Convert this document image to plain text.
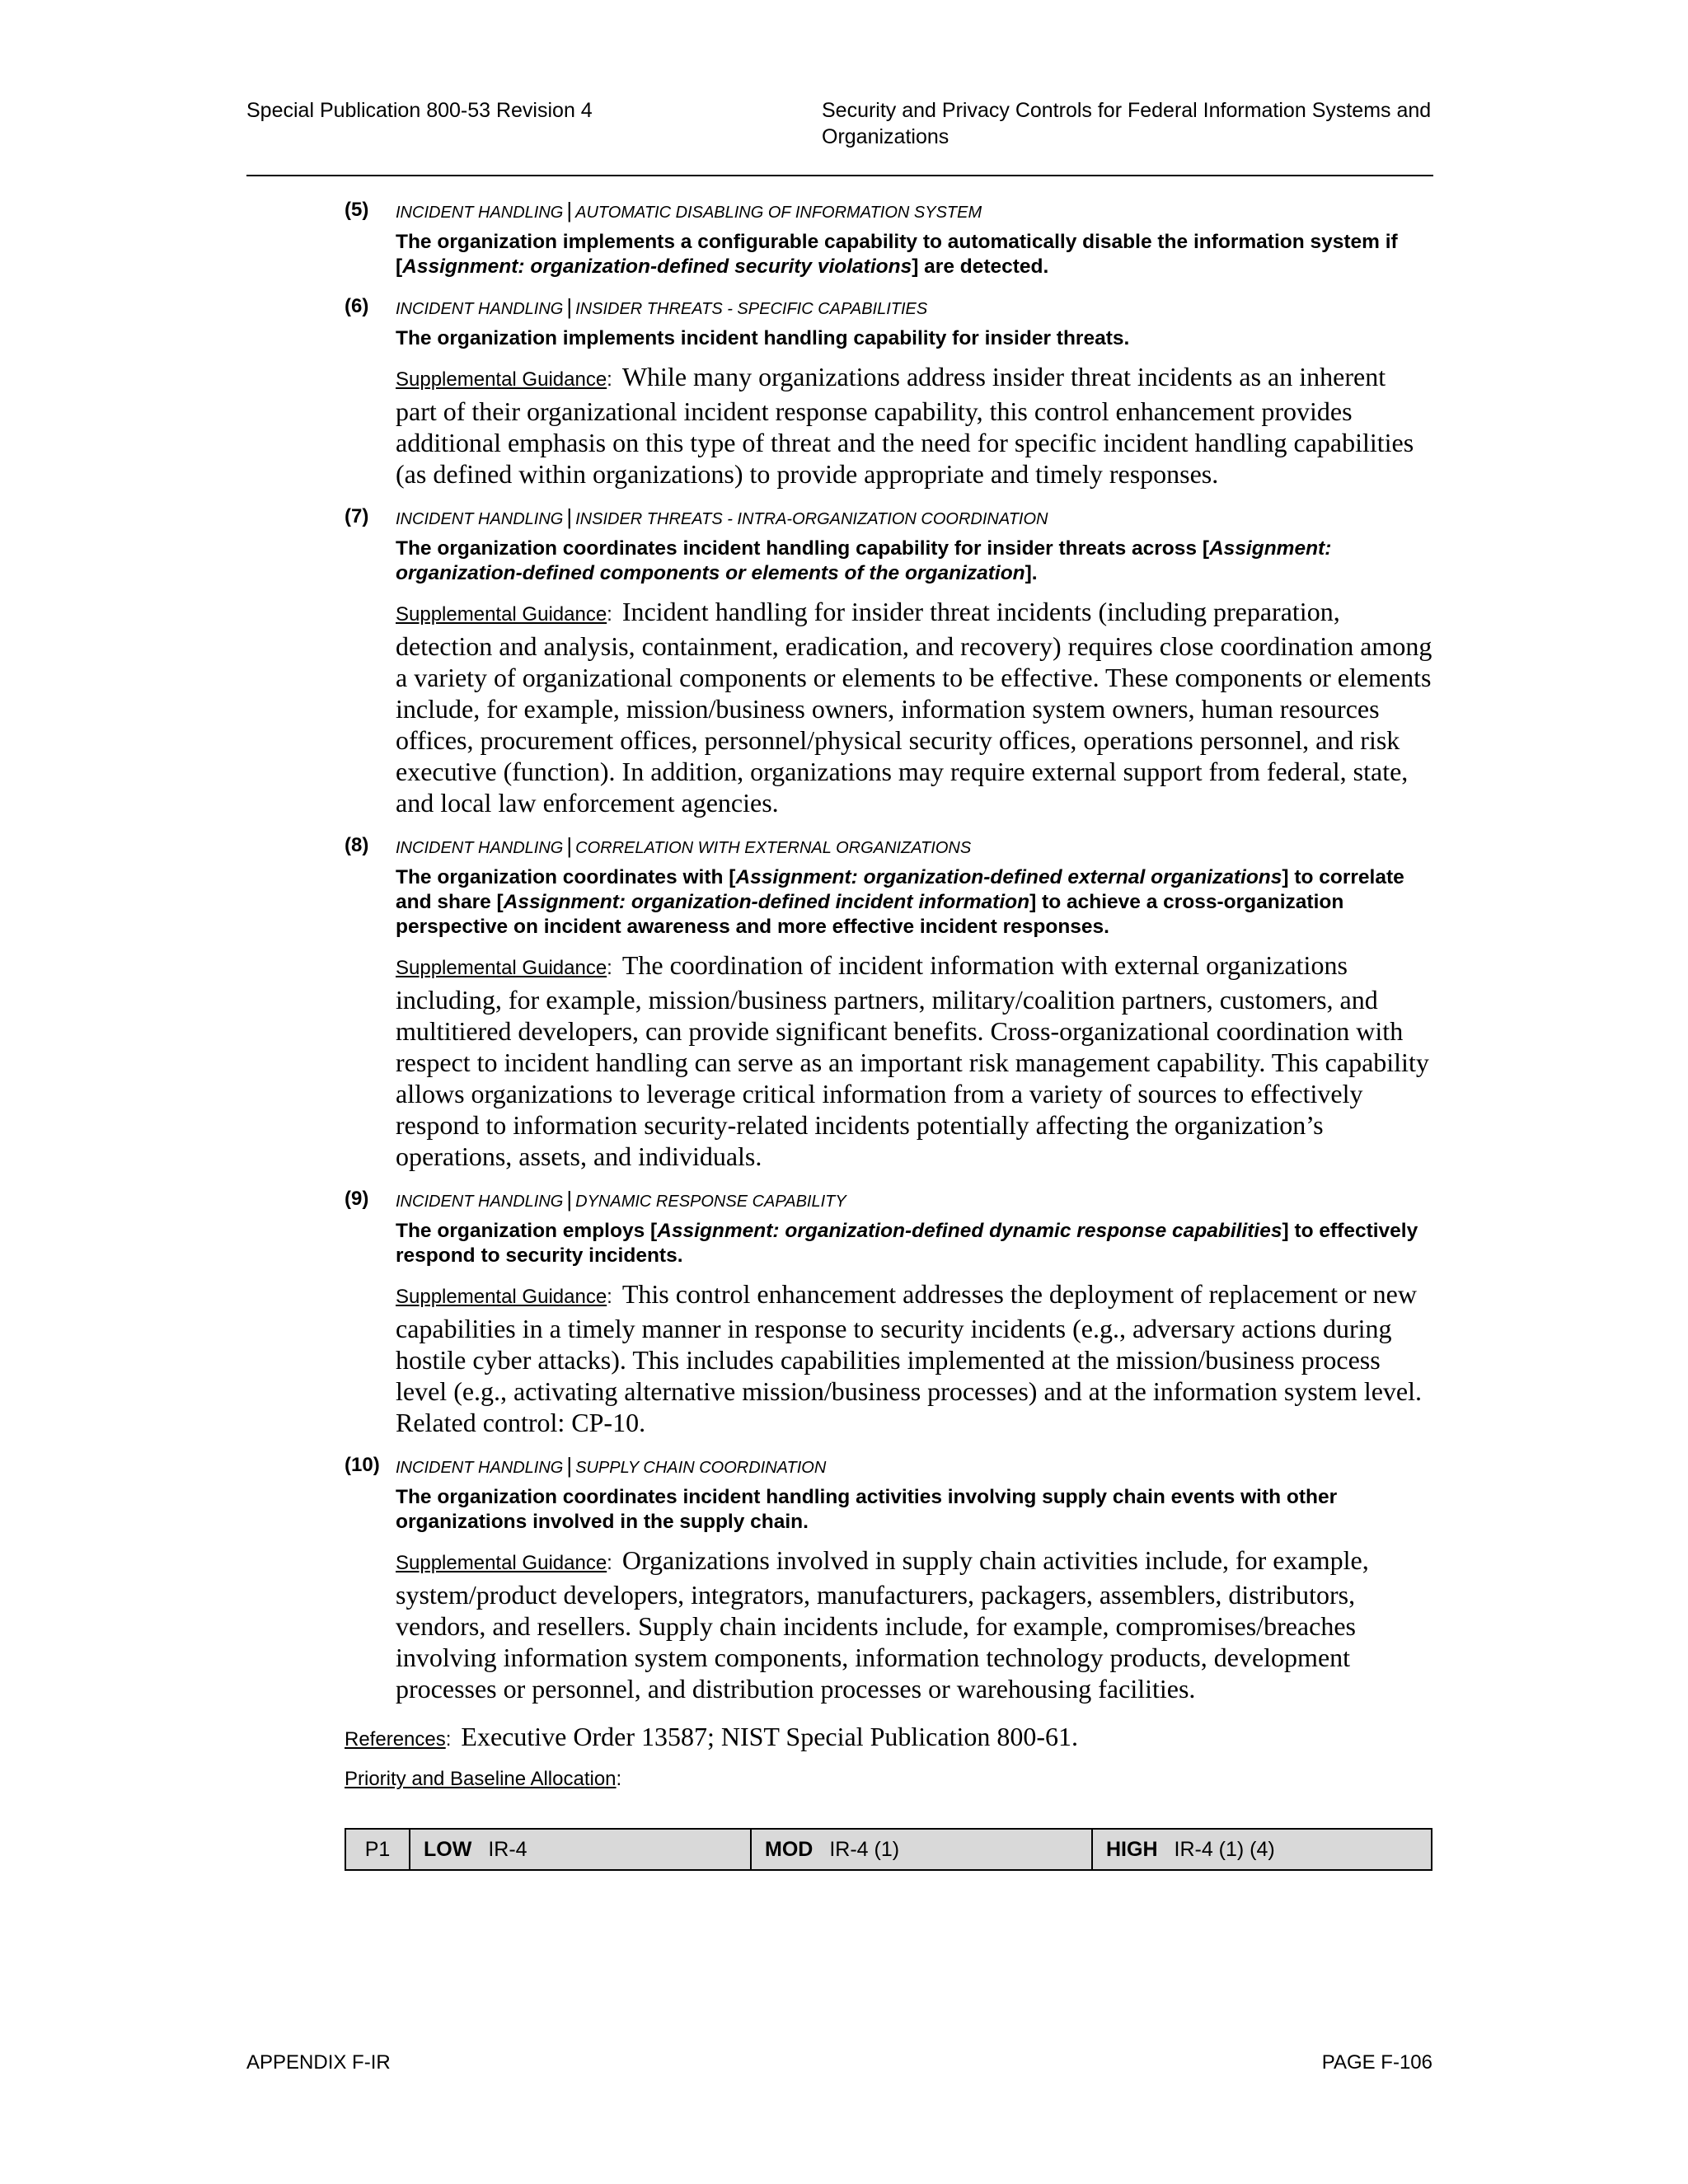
Special Publication 800-53 Revision 4	Security and Privacy Controls for Federal Information Systems and Organizations
(5) INCIDENT HANDLING | AUTOMATIC DISABLING OF INFORMATION SYSTEM
The organization implements a configurable capability to automatically disable the information system if [Assignment: organization-defined security violations] are detected.
(6) INCIDENT HANDLING | INSIDER THREATS - SPECIFIC CAPABILITIES
The organization implements incident handling capability for insider threats.
Supplemental Guidance: While many organizations address insider threat incidents as an inherent part of their organizational incident response capability, this control enhancement provides additional emphasis on this type of threat and the need for specific incident handling capabilities (as defined within organizations) to provide appropriate and timely responses.
(7) INCIDENT HANDLING | INSIDER THREATS - INTRA-ORGANIZATION COORDINATION
The organization coordinates incident handling capability for insider threats across [Assignment: organization-defined components or elements of the organization].
Supplemental Guidance: Incident handling for insider threat incidents (including preparation, detection and analysis, containment, eradication, and recovery) requires close coordination among a variety of organizational components or elements to be effective. These components or elements include, for example, mission/business owners, information system owners, human resources offices, procurement offices, personnel/physical security offices, operations personnel, and risk executive (function). In addition, organizations may require external support from federal, state, and local law enforcement agencies.
(8) INCIDENT HANDLING | CORRELATION WITH EXTERNAL ORGANIZATIONS
The organization coordinates with [Assignment: organization-defined external organizations] to correlate and share [Assignment: organization-defined incident information] to achieve a cross-organization perspective on incident awareness and more effective incident responses.
Supplemental Guidance: The coordination of incident information with external organizations including, for example, mission/business partners, military/coalition partners, customers, and multitiered developers, can provide significant benefits. Cross-organizational coordination with respect to incident handling can serve as an important risk management capability. This capability allows organizations to leverage critical information from a variety of sources to effectively respond to information security-related incidents potentially affecting the organization’s operations, assets, and individuals.
(9) INCIDENT HANDLING | DYNAMIC RESPONSE CAPABILITY
The organization employs [Assignment: organization-defined dynamic response capabilities] to effectively respond to security incidents.
Supplemental Guidance: This control enhancement addresses the deployment of replacement or new capabilities in a timely manner in response to security incidents (e.g., adversary actions during hostile cyber attacks). This includes capabilities implemented at the mission/business process level (e.g., activating alternative mission/business processes) and at the information system level. Related control: CP-10.
(10) INCIDENT HANDLING | SUPPLY CHAIN COORDINATION
The organization coordinates incident handling activities involving supply chain events with other organizations involved in the supply chain.
Supplemental Guidance: Organizations involved in supply chain activities include, for example, system/product developers, integrators, manufacturers, packagers, assemblers, distributors, vendors, and resellers. Supply chain incidents include, for example, compromises/breaches involving information system components, information technology products, development processes or personnel, and distribution processes or warehousing facilities.
References: Executive Order 13587; NIST Special Publication 800-61.
Priority and Baseline Allocation:
P1	LOW IR-4	MOD IR-4 (1)	HIGH IR-4 (1) (4)
APPENDIX F-IR	PAGE F-106
